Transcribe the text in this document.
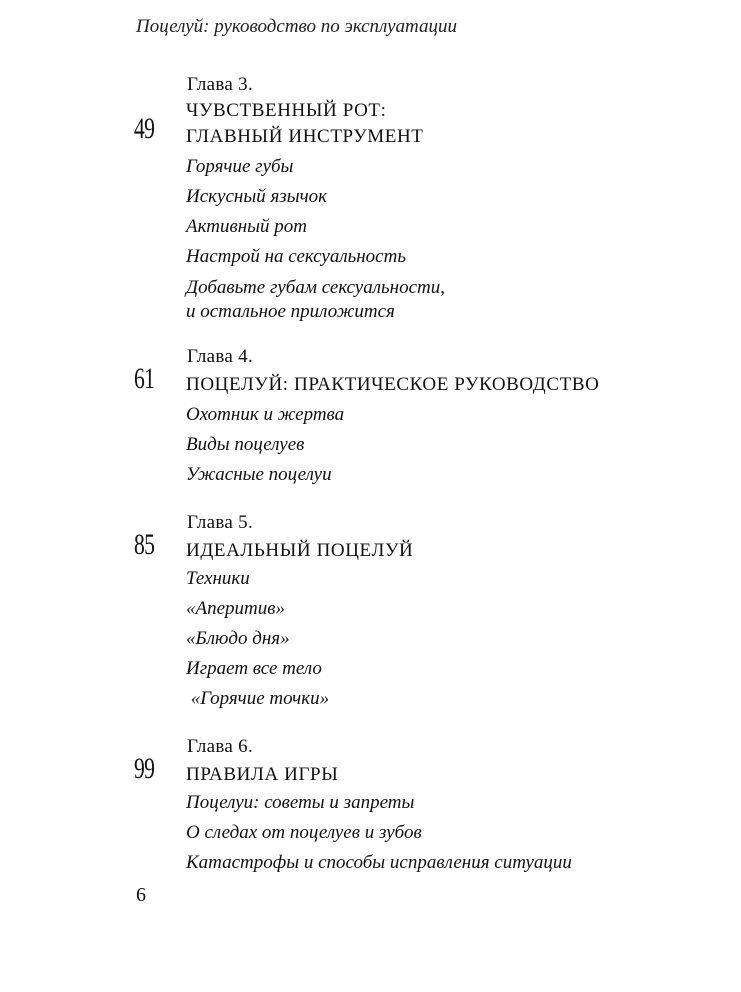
Поцелуй: руководство по эксплуатации
49
Глава 3.
ЧУВСТВЕННЫЙ РОТ:
ГЛАВНЫЙ ИНСТРУМЕНТ
Горячие губы
Искусный язычок
Активный рот
Настрой на сексуальность
Добавьте губам сексуальности,
и остальное приложится
61
Глава 4.
ПОЦЕЛУЙ: ПРАКТИЧЕСКОЕ РУКОВОДСТВО
Охотник и жертва
Виды поцелуев
Ужасные поцелуи
85
Глава 5.
ИДЕАЛЬНЫЙ ПОЦЕЛУЙ
Техники
«Аперитив»
«Блюдо дня»
Играет все тело
«Горячие точки»
99
Глава 6.
ПРАВИЛА ИГРЫ
Поцелуи: советы и запреты
О следах от поцелуев и зубов
Катастрофы и способы исправления ситуации
6
